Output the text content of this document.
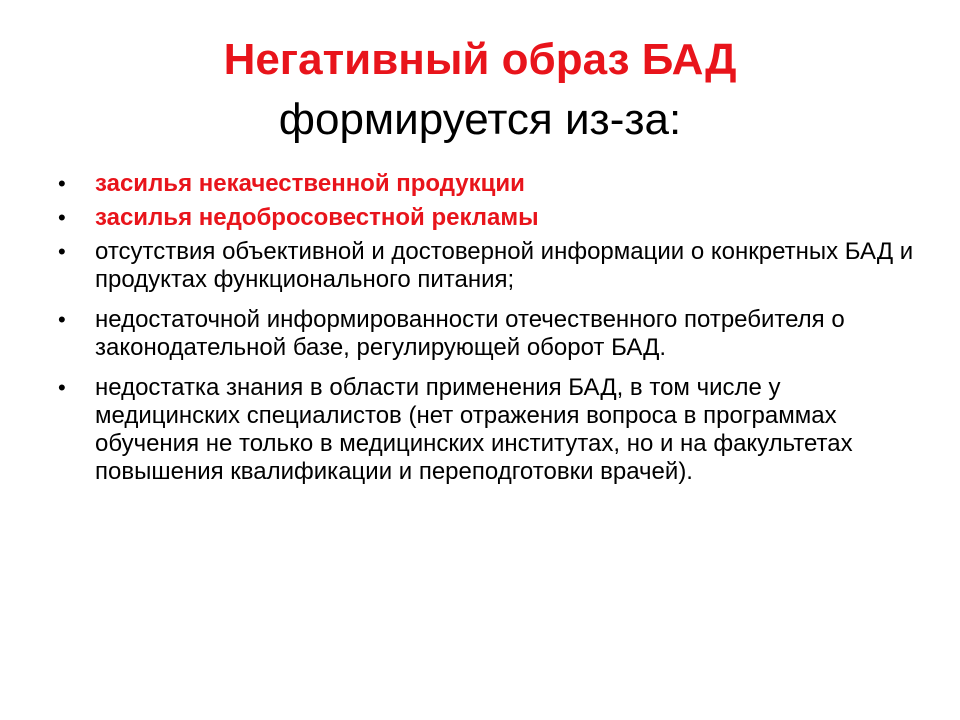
Негативный образ БАД
формируется из-за:
• засилья некачественной продукции
• засилья недобросовестной рекламы
• отсутствия объективной и достоверной информации о конкретных БАД и продуктах функционального питания;
• недостаточной информированности отечественного потребителя о законодательной базе, регулирующей оборот БАД.
• недостатка знания в области применения БАД, в том числе у медицинских специалистов (нет отражения вопроса в программах обучения не только в медицинских институтах, но и на факультетах повышения квалификации и переподготовки врачей).
